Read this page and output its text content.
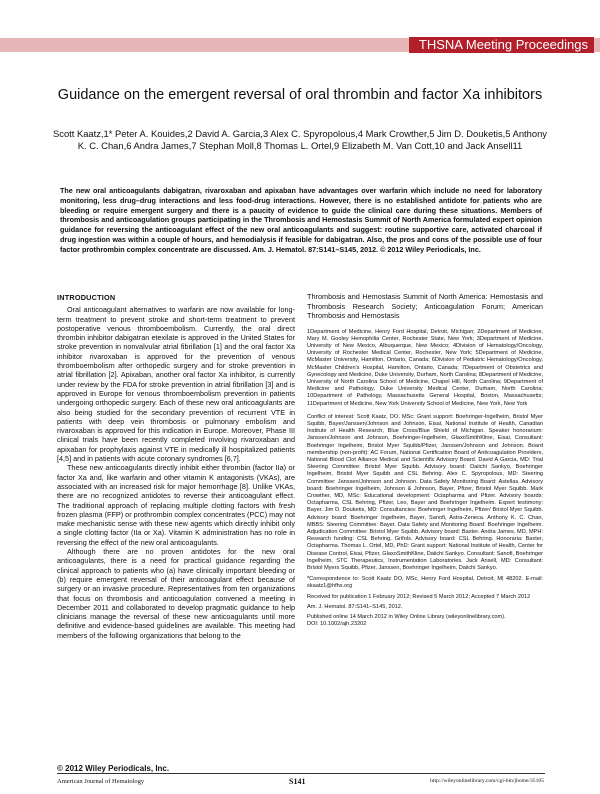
THSNA Meeting Proceedings
Guidance on the emergent reversal of oral thrombin and factor Xa inhibitors
Scott Kaatz,1* Peter A. Kouides,2 David A. Garcia,3 Alex C. Spyropolous,4 Mark Crowther,5 Jim D. Douketis,5 Anthony K. C. Chan,6 Andra James,7 Stephan Moll,8 Thomas L. Ortel,9 Elizabeth M. Van Cott,10 and Jack Ansell11
The new oral anticoagulants dabigatran, rivaroxaban and apixaban have advantages over warfarin which include no need for laboratory monitoring, less drug–drug interactions and less food-drug interactions. However, there is no established antidote for patients who are bleeding or require emergent surgery and there is a paucity of evidence to guide the clinical care during these situations. Members of thrombosis and anticoagulation groups participating in the Thrombosis and Hemostasis Summit of North America formulated expert opinion guidance for reversing the anticoagulant effect of the new oral anticoagulants and suggest: routine supportive care, activated charcoal if drug ingestion was within a couple of hours, and hemodialysis if feasible for dabigatran. Also, the pros and cons of the possible use of four factor prothrombin complex concentrate are discussed. Am. J. Hematol. 87:S141–S145, 2012. © 2012 Wiley Periodicals, Inc.
INTRODUCTION

Oral anticoagulant alternatives to warfarin are now available for long-term treatment to prevent stroke and short-term treatment to prevent postoperative venous thromboembolism. Currently, the oral direct thrombin inhibitor dabigatran etexilate is approved in the United States for stroke prevention in nonvalvular atrial fibrillation [1] and the oral factor Xa inhibitor rivaroxaban is approved for the prevention of venous thromboembolism after orthopedic surgery and for stroke prevention in atrial fibrillation [2]. Apixaban, another oral factor Xa inhibitor, is currently under review by the FDA for stroke prevention in atrial fibrillation [3] and is approved in Europe for venous thromboembolism prevention in patients undergoing orthopedic surgery. Each of these new oral anticoagulants are also being studied for the secondary prevention of recurrent VTE in patients with deep vein thrombosis or pulmonary embolism and rivaroxaban is approved for this indication in Europe. Moreover, Phase III clinical trials have been recently completed involving rivaroxaban and apixaban for prophylaxis against VTE in medically ill hospitalized patients [4,5] and in patients with acute coronary syndromes [6,7].

These new anticoagulants directly inhibit either thrombin (factor IIa) or factor Xa and, like warfarin and other vitamin K antagonists (VKAs), are associated with an increased risk for major hemorrhage [8]. Unlike VKAs, there are no recognized antidotes to reverse their anticoagulant effect. The traditional approach of replacing multiple clotting factors with fresh frozen plasma (FFP) or prothrombin complex concentrates (PCC) may not make mechanistic sense with these new agents which directly inhibit only a single clotting factor (IIa or Xa). Vitamin K administration has no role in reversing the effect of the new oral anticoagulants.

Although there are no proven antidotes for the new oral anticoagulants, there is a need for practical guidance regarding the clinical approach to patients who (a) have clinically important bleeding or (b) require emergent reversal of their anticoagulant effect because of surgery or an invasive procedure. Representatives from ten organizations that focus on thrombosis and anticoagulation convened a meeting in December 2011 and collaborated to develop pragmatic guidance to help clinicians manage the reversal of these new anticoagulants until more definitive and evidence-based guidelines are available. This meeting had members of the following organizations that belong to the

Thrombosis and Hemostasis Summit of North America: Hemostasis and Thrombosis Research Society; Anticoagulation Forum; American Thrombosis and Hemostasis

1Department of Medicine, Henry Ford Hospital, Detroit, Michigan; 2Department of Medicine, Mary M. Gooley Hemophilia Center, Rochester State, New York; 3Department of Medicine, University of New Mexico, Albuquerque, New Mexico; 4Division of Hematology/Oncology, University of Rochester Medical Center, Rochester, New York; 5Department of Medicine, McMaster University, Hamilton, Ontario, Canada; 6Division of Pediatric Hematology/Oncology, McMaster Children's Hospital, Hamilton, Ontario, Canada; 7Department of Obstetrics and Gynecology and Medicine, Duke University, Durham, North Carolina; 8Department of Medicine, University of North Carolina School of Medicine, Chapel Hill, North Carolina; 9Department of Medicine and Pathology, Duke University Medical Center, Durham, North Carolina; 10Department of Pathology, Massachusetts General Hospital, Boston, Massachusetts; 11Department of Medicine, New York University School of Medicine, New York, New York

Conflict of interest: Scott Kaatz, DO, MSc: Grant support: Boehringer-Ingelheim, Bristol Myer Squibb, Bayer/Janssen/Johnson and Johnson, Eisai, National Institute of Health, Canadian Institute of Health Research, Blue Cross/Blue Shield of Michigan. Speaker honorarium: Janssen/Johnson and Johnson, Boehringer-Ingelheim, GlaxoSmithKline, Eisai. Consultant: Boehringer Ingelheim, Bristol Myer Squibb/Pfizer, Janssen/Johnson and Johnson. Board membership (non-profit): AC Forum, National Certification Board of Anticoagulation Providers, National Blood Clot Alliance Medical and Scientific Advisory Board. David A Garcia, MD: Trial Steering Committee: Bristol Myer Squibb. Advisory board: Daiichi Sankyo, Boehringer Ingelheim, Bristol Myer Squibb and CSL Behring. Alex C. Spyropolous, MD: Steering Committee: Janssen/Johnson and Johnson. Data Safety Monitoring Board: Astellas. Advisory board: Boehringer Ingelheim, Johnson & Johnson, Bayer, Pfizer, Bristol Myer Squibb. Mark Crowther, MD, MSc: Educational development: Octapharma and Pfizer. Advisory boards: Octapharma, CSL Behring, Pfizer, Leo, Bayer and Boehringer Ingelheim. Expert testimony: Bayer. Jim D. Douketis, MD: Consultancies: Boehringer Ingelheim, Pfizer/ Bristol Myer Squibb. Advisory board: Boehringer Ingelheim, Bayer, Sanofi, Astra-Zeneca. Anthony K. C. Chan, MBBS: Steering Committee: Bayer. Data Safety and Monitoring Board: Boehringer Ingelheim. Adjudication Committee: Bristol Myer Squibb. Advisory board: Baxter. Andra James, MD, MPH: Research funding: CSL Behring, Grifols. Advisory board: CSL Behring. Honoraria: Baxter, Octapharma. Thomas L. Ortel, MD, PhD: Grant support: National Institute of Health, Center for Disease Control, Eisai, Pfizer, GlaxoSmithKline, Daiichi Sankyo. Consultant: Sanofi, Boehringer Ingelheim, STC Therapeutics, Instrumentation Laboratories. Jack Ansell, MD: Consultant: Bristol Myers Squibb, Pfizer, Janssen, Boehringer Ingelheim, Daiichi Sankyo.

*Correspondence to: Scott Kaatz DO, MSc, Henry Ford Hospital, Detroit, MI 48202. E-mail: skaatz1@hfhs.org

Received for publication 1 February 2012; Revised 5 March 2012; Accepted 7 March 2012

Am. J. Hematol. 87:S141–S145, 2012.

Published online 14 March 2012 in Wiley Online Library (wileyonlinelibrary.com).

DOI: 10.1002/ajh.23202

© 2012 Wiley Periodicals, Inc.
American Journal of Hematology	S141	http://wileyonlinelibrary.com/cgi-bin/jhome/35105
